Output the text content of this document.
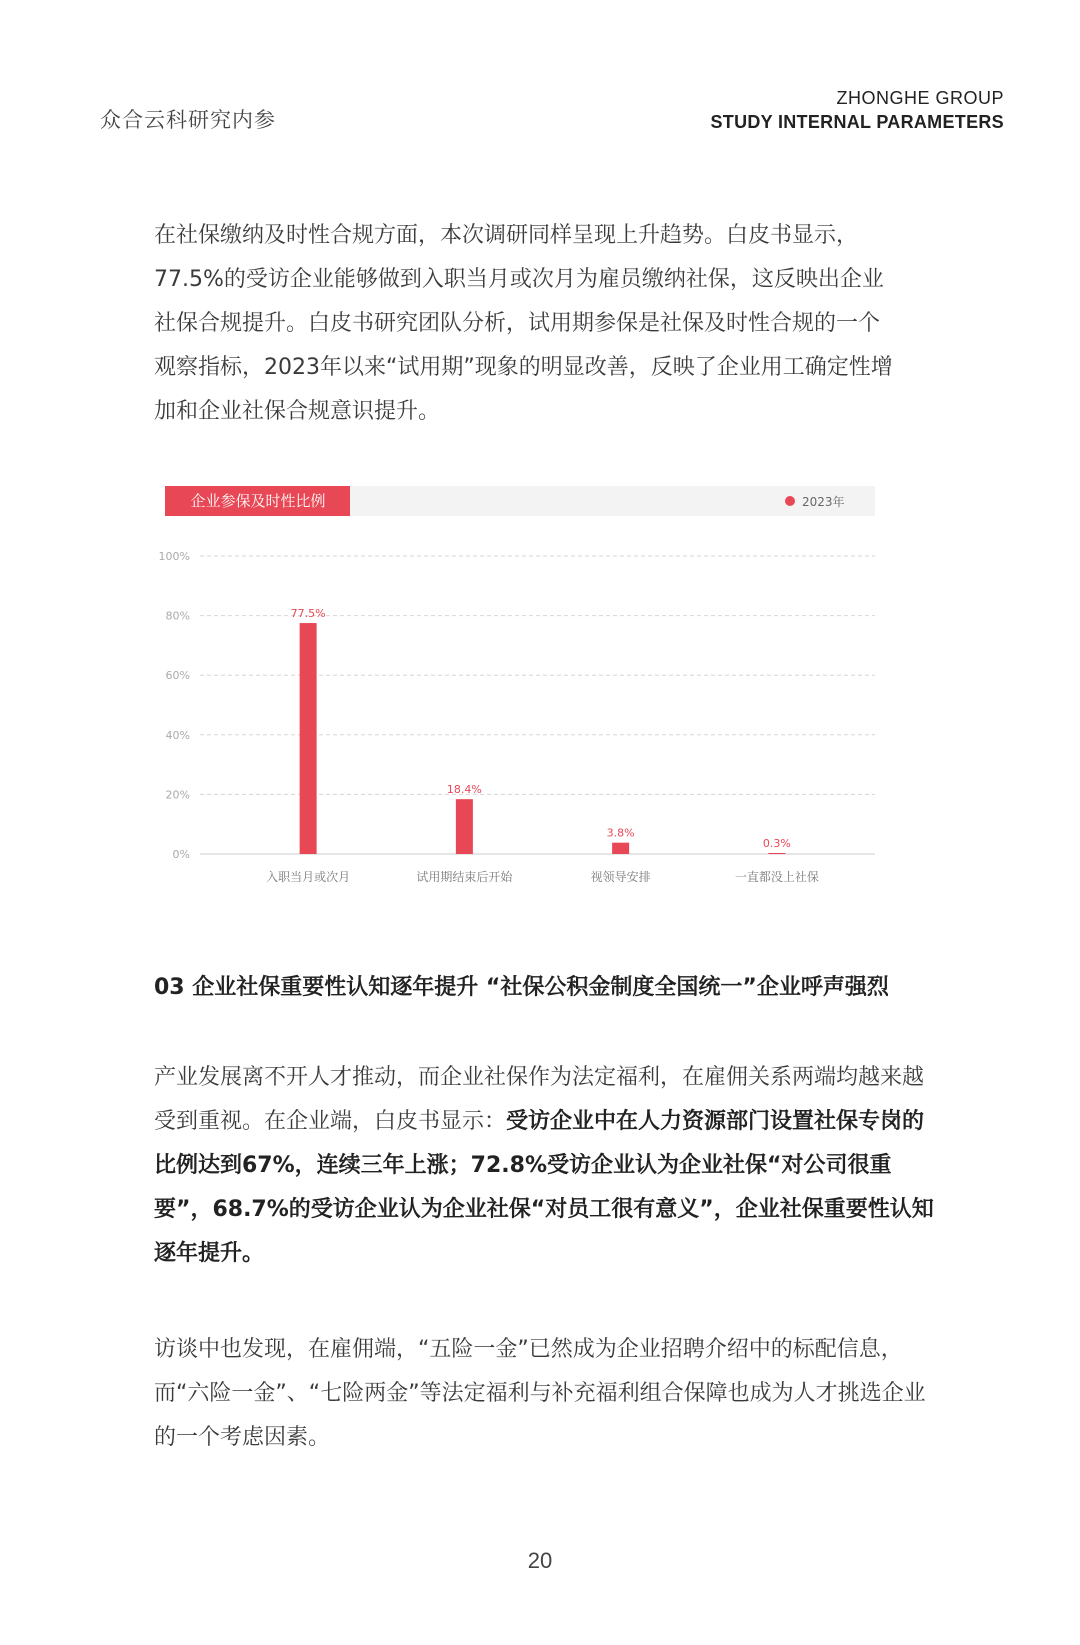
众合云科研究内参
ZHONGHE GROUP
STUDY INTERNAL PARAMETERS
在社保缴纳及时性合规方面，本次调研同样呈现上升趋势。白皮书显示，
77.5%的受访企业能够做到入职当月或次月为雇员缴纳社保，这反映出企业
社保合规提升。白皮书研究团队分析，试用期参保是社保及时性合规的一个
观察指标，2023年以来“试用期”现象的明显改善，反映了企业用工确定性增
加和企业社保合规意识提升。
企业参保及时性比例	2023年
0%
20%
40%
60%
80%
100%
77.5%
入职当月或次月
18.4%
试用期结束后开始
3.8%
视领导安排
0.3%
一直都没上社保
03 企业社保重要性认知逐年提升 “社保公积金制度全国统一”企业呼声强烈

产业发展离不开人才推动，而企业社保作为法定福利，在雇佣关系两端均越来越受到重视。在企业端，白皮书显示：受访企业中在人力资源部门设置社保专岗的比例达到67%，连续三年上涨；72.8%受访企业认为企业社保“对公司很重要”，68.7%的受访企业认为企业社保“对员工很有意义”，企业社保重要性认知逐年提升。

访谈中也发现，在雇佣端，“五险一金”已然成为企业招聘介绍中的标配信息，而“六险一金”、“七险两金”等法定福利与补充福利组合保障也成为人才挑选企业的一个考虑因素。

20
